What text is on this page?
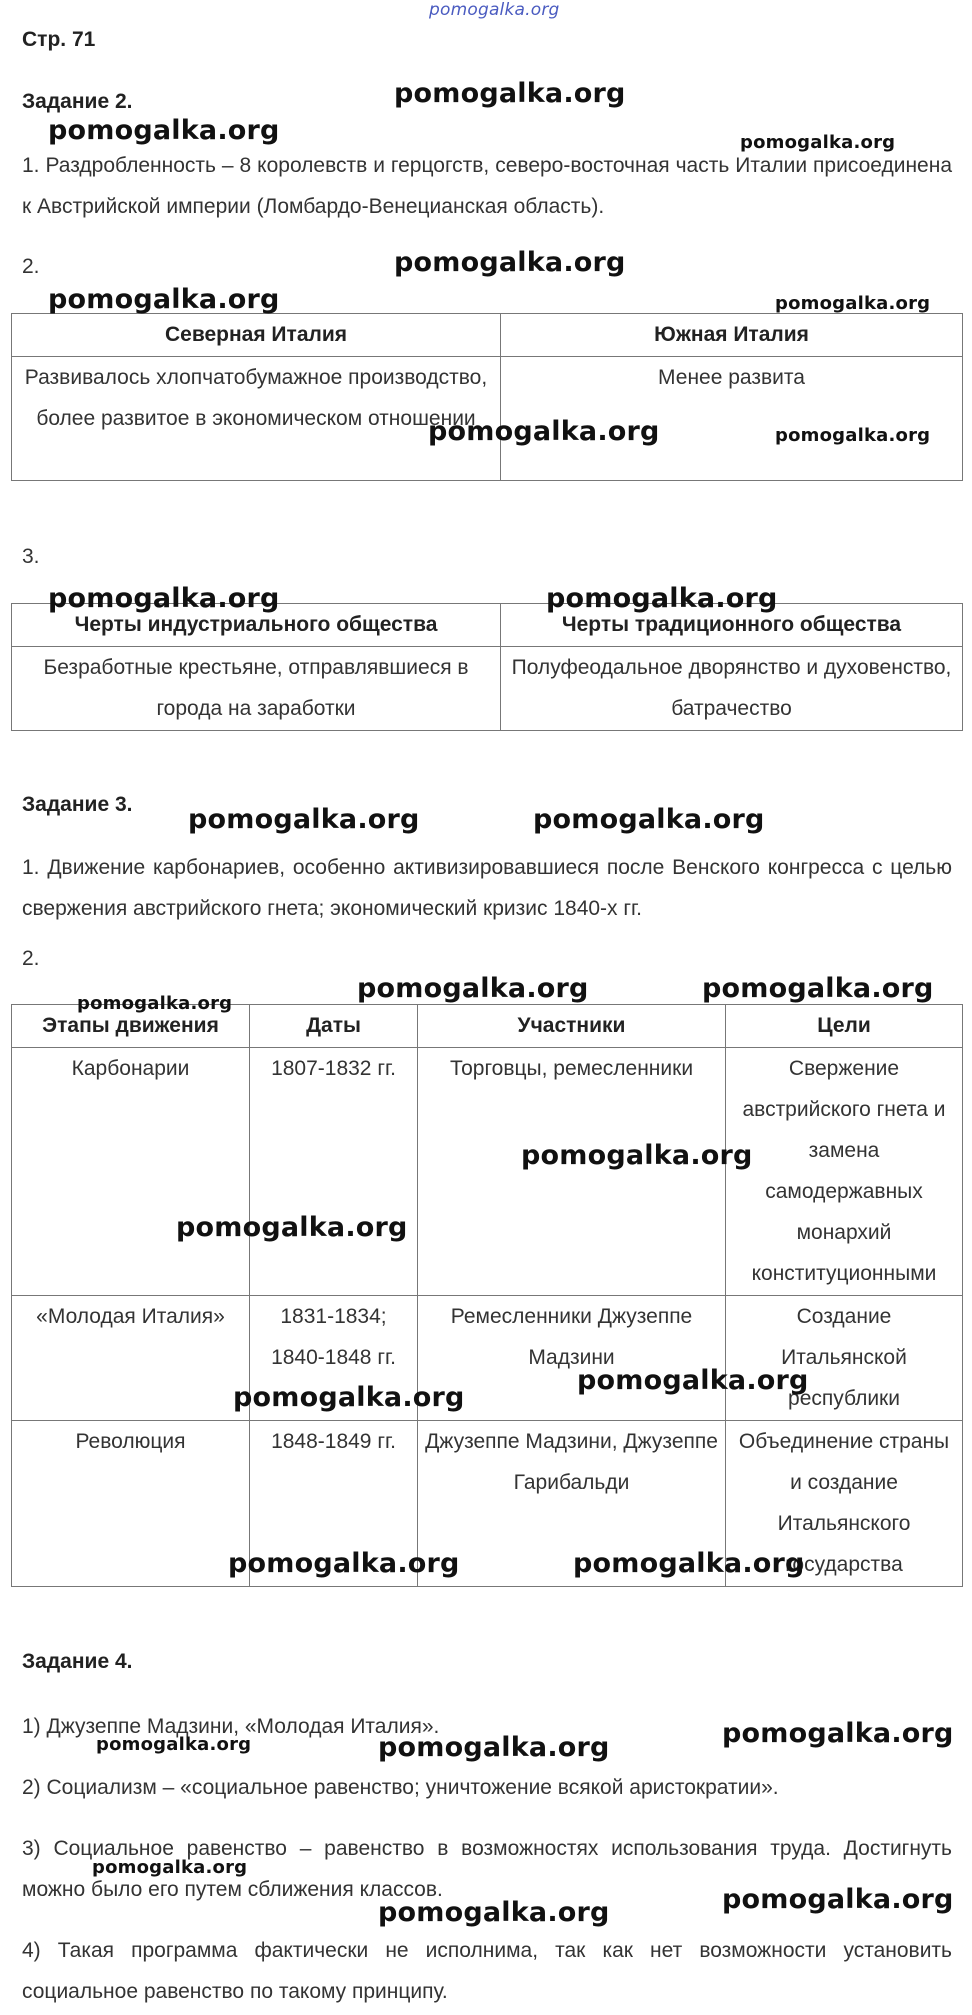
pomogalka.org
Стр. 71
Задание 2.
1. Раздробленность – 8 королевств и герцогств, северо-восточная часть Италии присоединена к Австрийской империи (Ломбардо-Венецианская область).
2.
Северная Италия	Южная Италия
Развивалось хлопчатобумажное производство, более развитое в экономическом отношении	Менее развита
3.
Черты индустриального общества	Черты традиционного общества
Безработные крестьяне, отправлявшиеся в города на заработки	Полуфеодальное дворянство и духовенство, батрачество
Задание 3.
1. Движение карбонариев, особенно активизировавшиеся после Венского конгресса с целью свержения австрийского гнета; экономический кризис 1840-х гг.
2.
Этапы движения	Даты	Участники	Цели
Карбонарии	1807-1832 гг.	Торговцы, ремесленники	Свержение австрийского гнета и замена самодержавных монархий конституционными
«Молодая Италия»	1831-1834; 1840-1848 гг.	Ремесленники Джузеппе Мадзини	Создание Итальянской республики
Революция	1848-1849 гг.	Джузеппе Мадзини, Джузеппе Гарибальди	Объединение страны и создание Итальянского государства
Задание 4.
1) Джузеппе Мадзини, «Молодая Италия».
2) Социализм – «социальное равенство; уничтожение всякой аристократии».
3) Социальное равенство – равенство в возможностях использования труда. Достигнуть можно было его путем сближения классов.
4) Такая программа фактически не исполнима, так как нет возможности установить социальное равенство по такому принципу.
pomogalka.org
pomogalka.org	pomogalka.org
pomogalka.org
pomogalka.org	pomogalka.org
pomogalka.org	pomogalka.org
pomogalka.org	pomogalka.org
pomogalka.org	pomogalka.org
pomogalka.org	pomogalka.org
pomogalka.org
pomogalka.org
pomogalka.org
pomogalka.org
pomogalka.org
pomogalka.org	pomogalka.org
pomogalka.org
pomogalka.org	pomogalka.org
pomogalka.org
pomogalka.org
pomogalka.org
